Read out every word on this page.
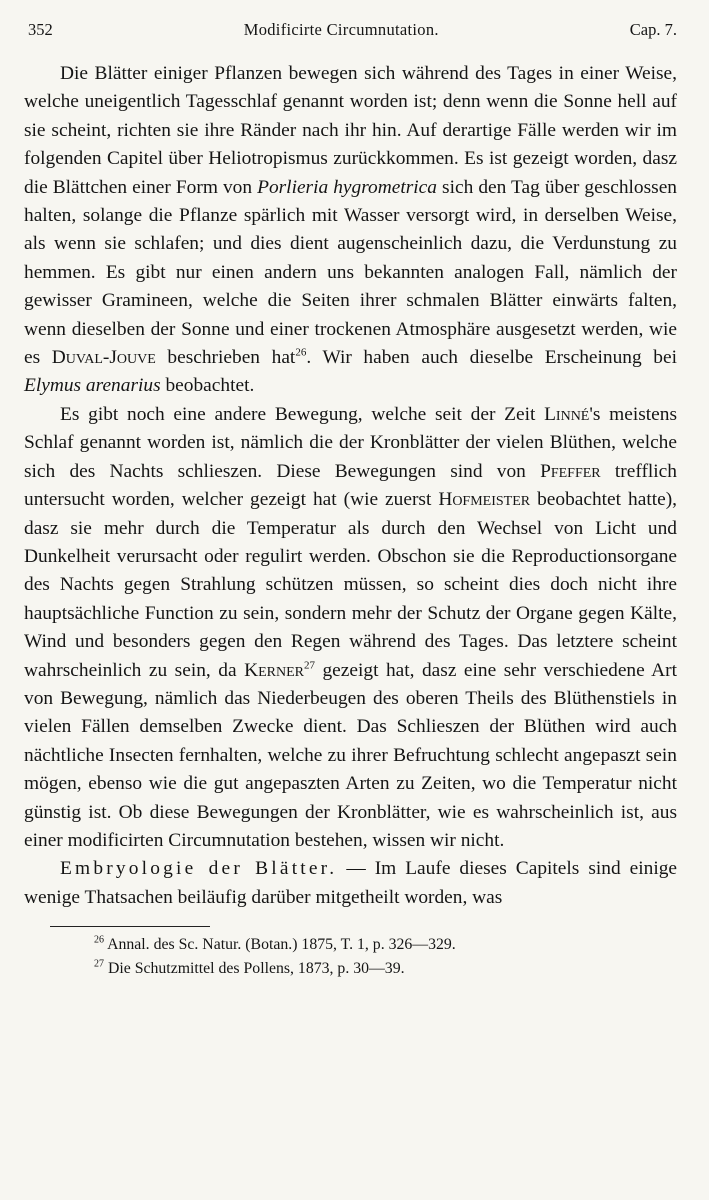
352	Modificirte Circumnutation.	Cap. 7.

Die Blätter einiger Pflanzen bewegen sich während des Tages in einer Weise, welche uneigentlich Tagesschlaf genannt worden ist; denn wenn die Sonne hell auf sie scheint, richten sie ihre Ränder nach ihr hin. Auf derartige Fälle werden wir im folgenden Capitel über Heliotropismus zurückkommen. Es ist gezeigt worden, dasz die Blättchen einer Form von Porlieria hygrometrica sich den Tag über geschlossen halten, solange die Pflanze spärlich mit Wasser versorgt wird, in derselben Weise, als wenn sie schlafen; und dies dient augenscheinlich dazu, die Verdunstung zu hemmen. Es gibt nur einen andern uns bekannten analogen Fall, nämlich der gewisser Gramineen, welche die Seiten ihrer schmalen Blätter einwärts falten, wenn dieselben der Sonne und einer trockenen Atmosphäre ausgesetzt werden, wie es Duval-Jouve beschrieben hat$^{26}$. Wir haben auch dieselbe Erscheinung bei Elymus arenarius beobachtet.

Es gibt noch eine andere Bewegung, welche seit der Zeit Linné's meistens Schlaf genannt worden ist, nämlich die der Kronblätter der vielen Blüthen, welche sich des Nachts schlieszen. Diese Bewegungen sind von Pfeffer trefflich untersucht worden, welcher gezeigt hat (wie zuerst Hofmeister beobachtet hatte), dasz sie mehr durch die Temperatur als durch den Wechsel von Licht und Dunkelheit verursacht oder regulirt werden. Obschon sie die Reproductionsorgane des Nachts gegen Strahlung schützen müssen, so scheint dies doch nicht ihre hauptsächliche Function zu sein, sondern mehr der Schutz der Organe gegen Kälte, Wind und besonders gegen den Regen während des Tages. Das letztere scheint wahrscheinlich zu sein, da Kerner$^{27}$ gezeigt hat, dasz eine sehr verschiedene Art von Bewegung, nämlich das Niederbeugen des oberen Theils des Blüthenstiels in vielen Fällen demselben Zwecke dient. Das Schlieszen der Blüthen wird auch nächtliche Insecten fernhalten, welche zu ihrer Befruchtung schlecht angepaszt sein mögen, ebenso wie die gut angepaszten Arten zu Zeiten, wo die Temperatur nicht günstig ist. Ob diese Bewegungen der Kronblätter, wie es wahrscheinlich ist, aus einer modificirten Circumnutation bestehen, wissen wir nicht.

Embryologie der Blätter. — Im Laufe dieses Capitels sind einige wenige Thatsachen beiläufig darüber mitgetheilt worden, was

$^{26}$ Annal. des Sc. Natur. (Botan.) 1875, T. 1, p. 326—329.
$^{27}$ Die Schutzmittel des Pollens, 1873, p. 30—39.
